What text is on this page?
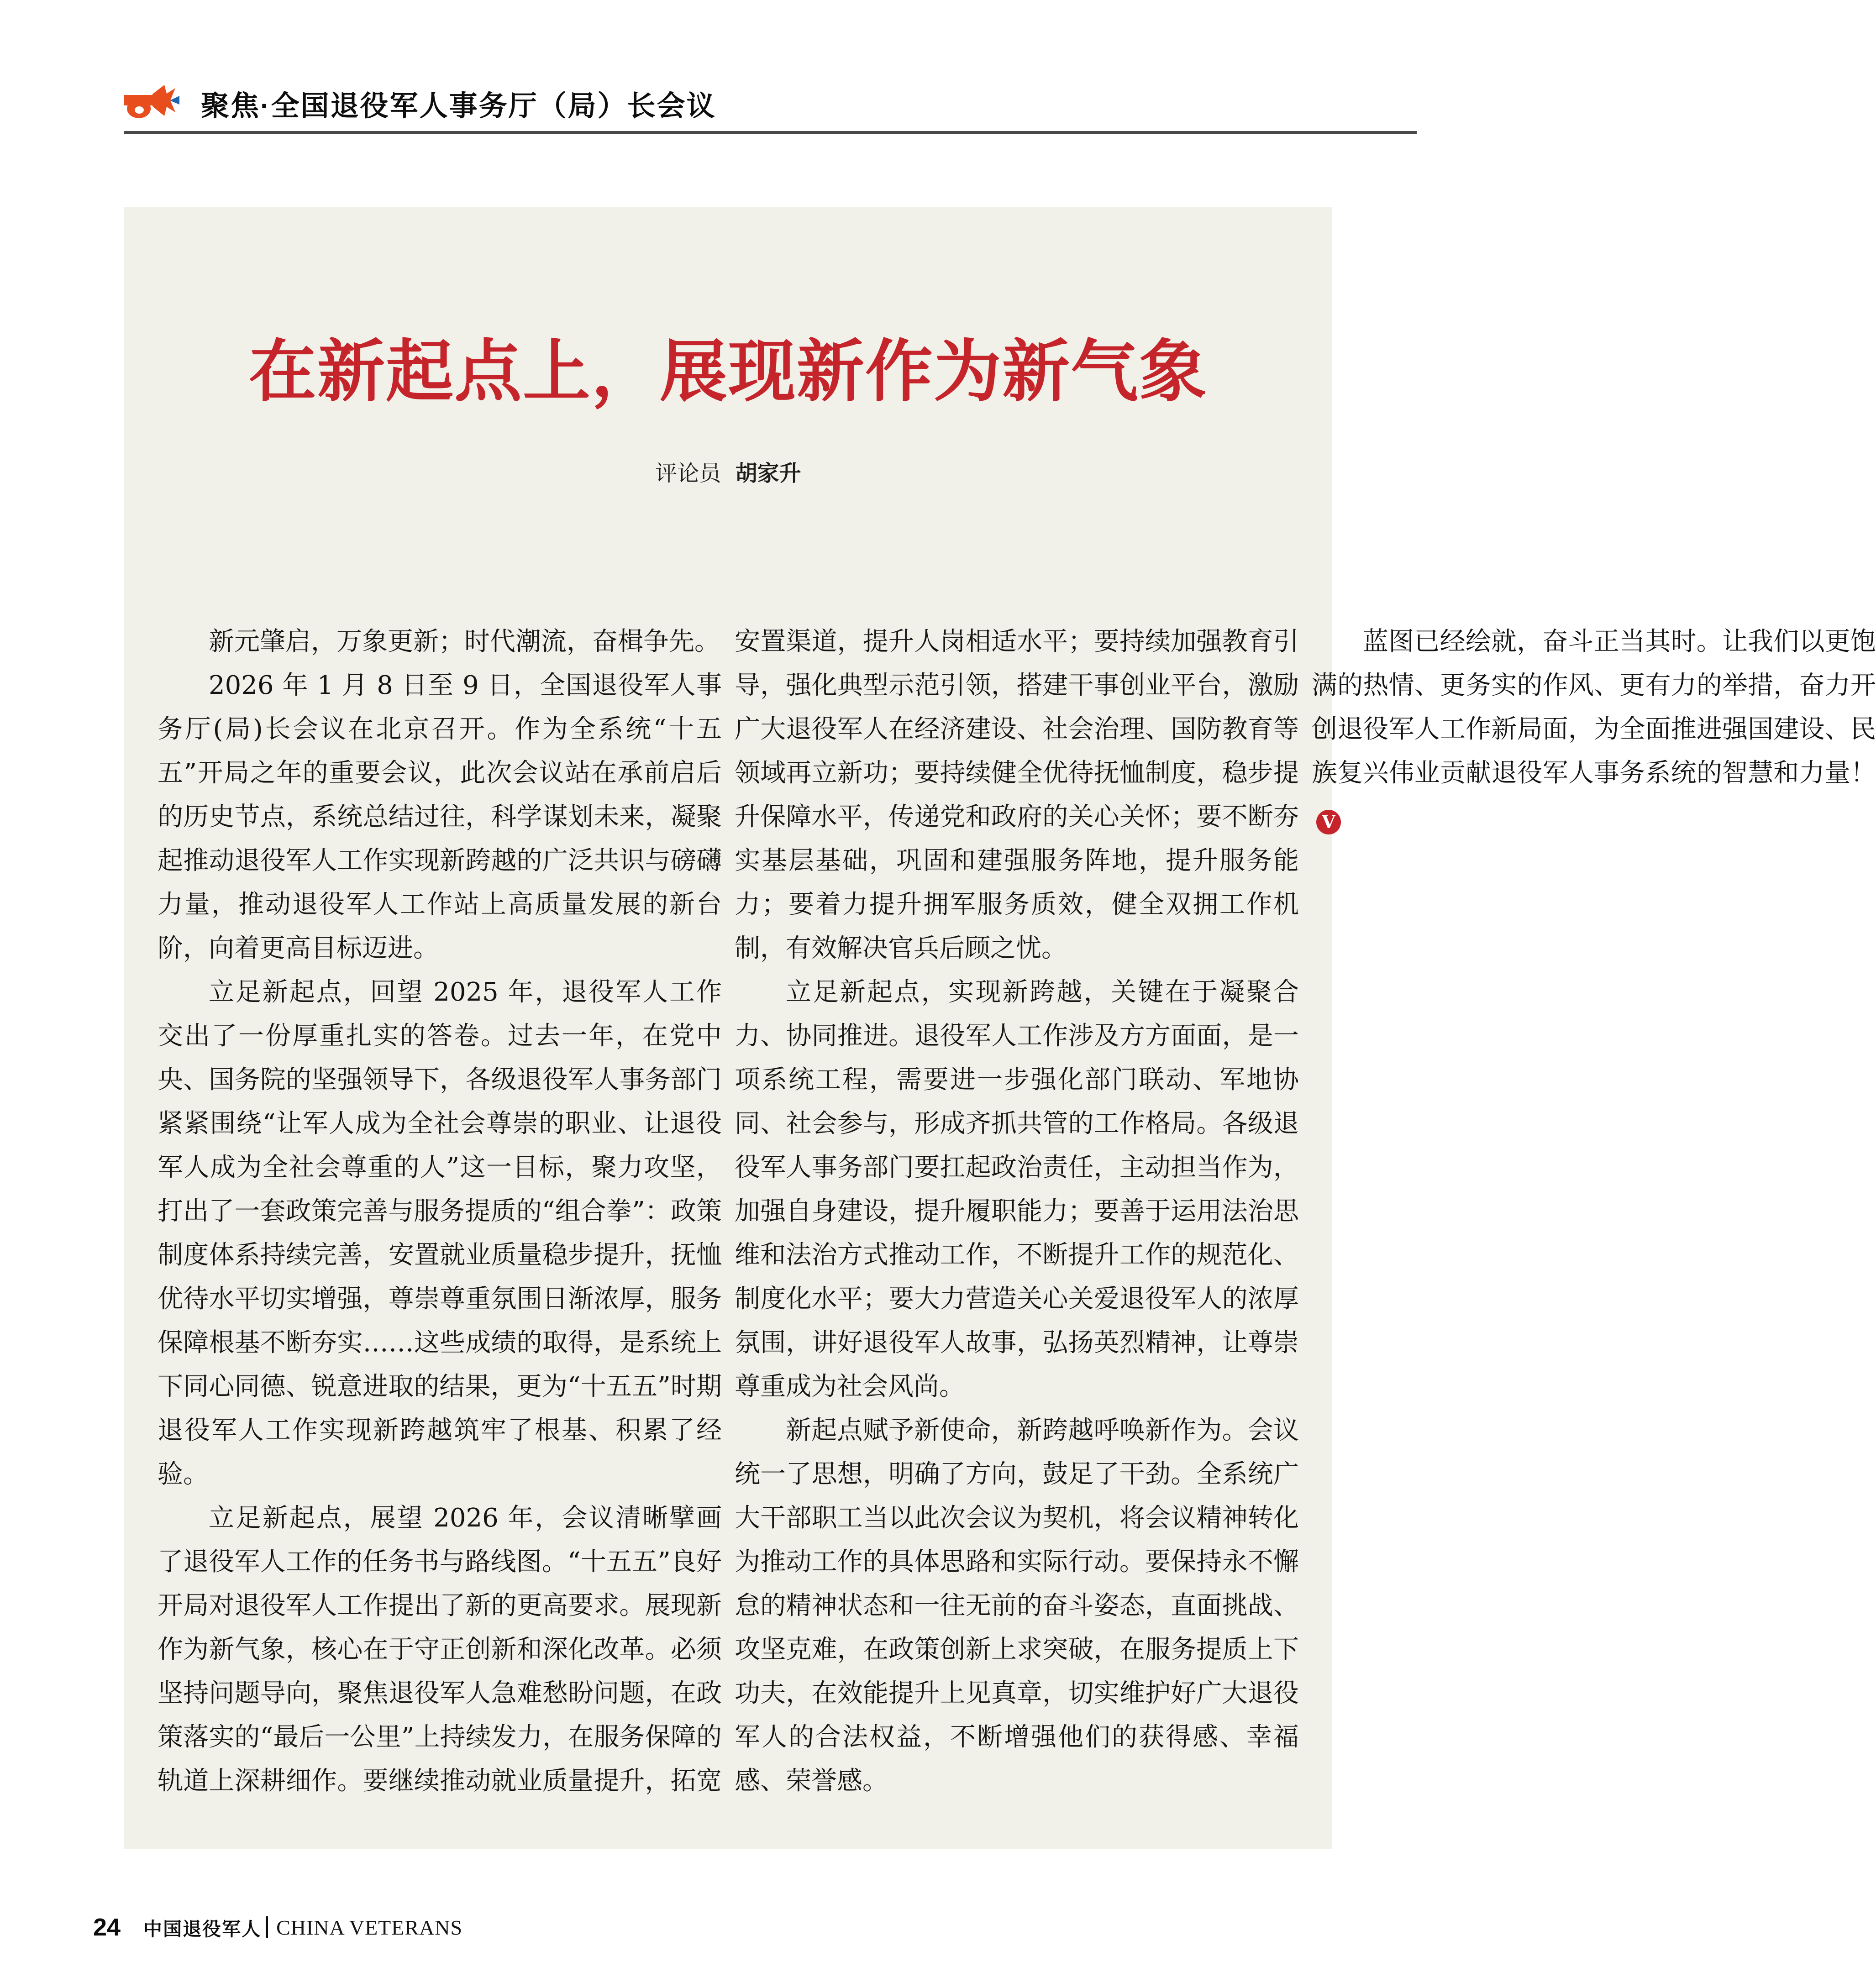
聚焦·全国退役军人事务厅（局）长会议
在新起点上，展现新作为新气象
评论员 胡家升

新元肇启，万象更新；时代潮流，奋楫争先。

2026 年 1 月 8 日至 9 日，全国退役军人事务厅(局)长会议在北京召开。作为全系统“十五五”开局之年的重要会议，此次会议站在承前启后的历史节点，系统总结过往，科学谋划未来，凝聚起推动退役军人工作实现新跨越的广泛共识与磅礴力量，推动退役军人工作站上高质量发展的新台阶，向着更高目标迈进。

立足新起点，回望 2025 年，退役军人工作交出了一份厚重扎实的答卷。过去一年，在党中央、国务院的坚强领导下，各级退役军人事务部门紧紧围绕“让军人成为全社会尊崇的职业、让退役军人成为全社会尊重的人”这一目标，聚力攻坚，打出了一套政策完善与服务提质的“组合拳”：政策制度体系持续完善，安置就业质量稳步提升，抚恤优待水平切实增强，尊崇尊重氛围日渐浓厚，服务保障根基不断夯实……这些成绩的取得，是系统上下同心同德、锐意进取的结果，更为“十五五”时期退役军人工作实现新跨越筑牢了根基、积累了经验。

立足新起点，展望 2026 年，会议清晰擘画了退役军人工作的任务书与路线图。“十五五”良好开局对退役军人工作提出了新的更高要求。展现新作为新气象，核心在于守正创新和深化改革。必须坚持问题导向，聚焦退役军人急难愁盼问题，在政策落实的“最后一公里”上持续发力，在服务保障的轨道上深耕细作。要继续推动就业质量提升，拓宽安置渠道，提升人岗相适水平；要持续加强教育引导，强化典型示范引领，搭建干事创业平台，激励广大退役军人在经济建设、社会治理、国防教育等领域再立新功；要持续健全优待抚恤制度，稳步提升保障水平，传递党和政府的关心关怀；要不断夯实基层基础，巩固和建强服务阵地，提升服务能力；要着力提升拥军服务质效，健全双拥工作机制，有效解决官兵后顾之忧。

立足新起点，实现新跨越，关键在于凝聚合力、协同推进。退役军人工作涉及方方面面，是一项系统工程，需要进一步强化部门联动、军地协同、社会参与，形成齐抓共管的工作格局。各级退役军人事务部门要扛起政治责任，主动担当作为，加强自身建设，提升履职能力；要善于运用法治思维和法治方式推动工作，不断提升工作的规范化、制度化水平；要大力营造关心关爱退役军人的浓厚氛围，讲好退役军人故事，弘扬英烈精神，让尊崇尊重成为社会风尚。

新起点赋予新使命，新跨越呼唤新作为。会议统一了思想，明确了方向，鼓足了干劲。全系统广大干部职工当以此次会议为契机，将会议精神转化为推动工作的具体思路和实际行动。要保持永不懈怠的精神状态和一往无前的奋斗姿态，直面挑战、攻坚克难，在政策创新上求突破，在服务提质上下功夫，在效能提升上见真章，切实维护好广大退役军人的合法权益，不断增强他们的获得感、幸福感、荣誉感。

蓝图已经绘就，奋斗正当其时。让我们以更饱满的热情、更务实的作风、更有力的举措，奋力开创退役军人工作新局面，为全面推进强国建设、民族复兴伟业贡献退役军人事务系统的智慧和力量！V

24 中国退役军人 CHINA VETERANS
